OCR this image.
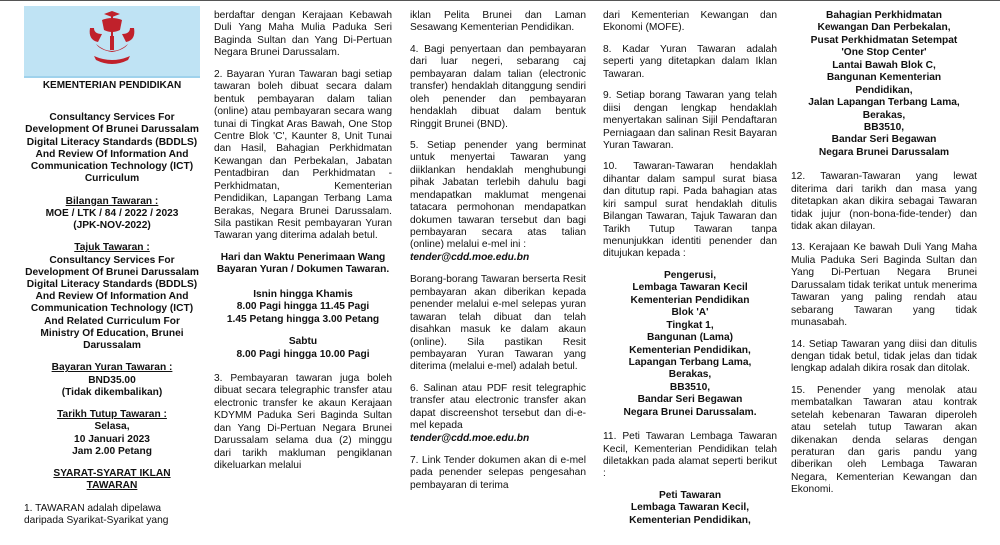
KEMENTERIAN PENDIDIKAN
Consultancy Services For Development Of Brunei Darussalam Digital Literacy Standards (BDDLS) And Review Of Information And Communication Technology (ICT) Curriculum
Bilangan Tawaran :
MOE / LTK / 84 / 2022 / 2023
(JPK-NOV-2022)
Tajuk Tawaran :
Consultancy Services For Development Of Brunei Darussalam Digital Literacy Standards (BDDLS) And Review Of Information And Communication Technology (ICT) And Related Curriculum For Ministry Of Education, Brunei Darussalam
Bayaran Yuran Tawaran :
BND35.00
(Tidak dikembalikan)
Tarikh Tutup Tawaran :
Selasa,
10 Januari 2023
Jam 2.00 Petang
SYARAT-SYARAT IKLAN
TAWARAN

1. TAWARAN adalah dipelawa daripada Syarikat-Syarikat yang

berdaftar dengan Kerajaan Kebawah Duli Yang Maha Mulia Paduka Seri Baginda Sultan dan Yang Di-Pertuan Negara Brunei Darussalam.

2. Bayaran Yuran Tawaran bagi setiap tawaran boleh dibuat secara dalam bentuk pembayaran dalam talian (online) atau pembayaran secara wang tunai di Tingkat Aras Bawah, One Stop Centre Blok 'C', Kaunter 8, Unit Tunai dan Hasil, Bahagian Perkhidmatan Kewangan dan Perbekalan, Jabatan Pentadbiran dan Perkhidmatan - Perkhidmatan, Kementerian Pendidikan, Lapangan Terbang Lama Berakas, Negara Brunei Darussalam. Sila pastikan Resit pembayaran Yuran Tawaran yang diterima adalah betul.

Hari dan Waktu Penerimaan Wang Bayaran Yuran / Dokumen Tawaran.
Isnin hingga Khamis
8.00 Pagi hingga 11.45 Pagi
1.45 Petang hingga 3.00 Petang
Sabtu
8.00 Pagi hingga 10.00 Pagi

3. Pembayaran tawaran juga boleh dibuat secara telegraphic transfer atau electronic transfer ke akaun Kerajaan KDYMM Paduka Seri Baginda Sultan dan Yang Di-Pertuan Negara Brunei Darussalam selama dua (2) minggu dari tarikh makluman pengiklanan dikeluarkan melalui

iklan Pelita Brunei dan Laman Sesawang Kementerian Pendidikan.

4. Bagi penyertaan dan pembayaran dari luar negeri, sebarang caj pembayaran dalam talian (electronic transfer) hendaklah ditanggung sendiri oleh penender dan pembayaran hendaklah dibuat dalam bentuk Ringgit Brunei (BND).

5. Setiap penender yang berminat untuk menyertai Tawaran yang diiklankan hendaklah menghubungi pihak Jabatan terlebih dahulu bagi mendapatkan maklumat mengenai tatacara permohonan mendapatkan dokumen tawaran tersebut dan bagi pembayaran secara atas talian (online) melalui e-mel ini :

tender@cdd.moe.edu.bn

Borang-borang Tawaran berserta Resit pembayaran akan diberikan kepada penender melalui e-mel selepas yuran tawaran telah dibuat dan telah disahkan masuk ke dalam akaun (online). Sila pastikan Resit pembayaran Yuran Tawaran yang diterima (melalui e-mel) adalah betul.

6. Salinan atau PDF resit telegraphic transfer atau electronic transfer akan dapat discreenshot tersebut dan di-e-mel kepada

tender@cdd.moe.edu.bn

7. Link Tender dokumen akan di e-mel pada penender selepas pengesahan pembayaran di terima

dari Kementerian Kewangan dan Ekonomi (MOFE).

8. Kadar Yuran Tawaran adalah seperti yang ditetapkan dalam Iklan Tawaran.

9. Setiap borang Tawaran yang telah diisi dengan lengkap hendaklah menyertakan salinan Sijil Pendaftaran Perniagaan dan salinan Resit Bayaran Yuran Tawaran.

10. Tawaran-Tawaran hendaklah dihantar dalam sampul surat biasa dan ditutup rapi. Pada bahagian atas kiri sampul surat hendaklah ditulis Bilangan Tawaran, Tajuk Tawaran dan Tarikh Tutup Tawaran tanpa menunjukkan identiti penender dan ditujukan kepada :

Pengerusi,
Lembaga Tawaran Kecil
Kementerian Pendidikan
Blok 'A'
Tingkat 1,
Bangunan (Lama)
Kementerian Pendidikan,
Lapangan Terbang Lama,
Berakas,
BB3510,
Bandar Seri Begawan
Negara Brunei Darussalam.

11. Peti Tawaran Lembaga Tawaran Kecil, Kementerian Pendidikan telah diletakkan pada alamat seperti berikut :

Peti Tawaran
Lembaga Tawaran Kecil,
Kementerian Pendidikan,
Bahagian Perkhidmatan
Kewangan Dan Perbekalan,
Pusat Perkhidmatan Setempat
'One Stop Center'
Lantai Bawah Blok C,
Bangunan Kementerian
Pendidikan,
Jalan Lapangan Terbang Lama,
Berakas,
BB3510,
Bandar Seri Begawan
Negara Brunei Darussalam

12. Tawaran-Tawaran yang lewat diterima dari tarikh dan masa yang ditetapkan akan dikira sebagai Tawaran tidak jujur (non-bona-fide-tender) dan tidak akan dilayan.

13. Kerajaan Ke bawah Duli Yang Maha Mulia Paduka Seri Baginda Sultan dan Yang Di-Pertuan Negara Brunei Darussalam tidak terikat untuk menerima Tawaran yang paling rendah atau sebarang Tawaran yang tidak munasabah.

14. Setiap Tawaran yang diisi dan ditulis dengan tidak betul, tidak jelas dan tidak lengkap adalah dikira rosak dan ditolak.

15. Penender yang menolak atau membatalkan Tawaran atau kontrak setelah kebenaran Tawaran diperoleh atau setelah tutup Tawaran akan dikenakan denda selaras dengan peraturan dan garis pandu yang diberikan oleh Lembaga Tawaran Negara, Kementerian Kewangan dan Ekonomi.
